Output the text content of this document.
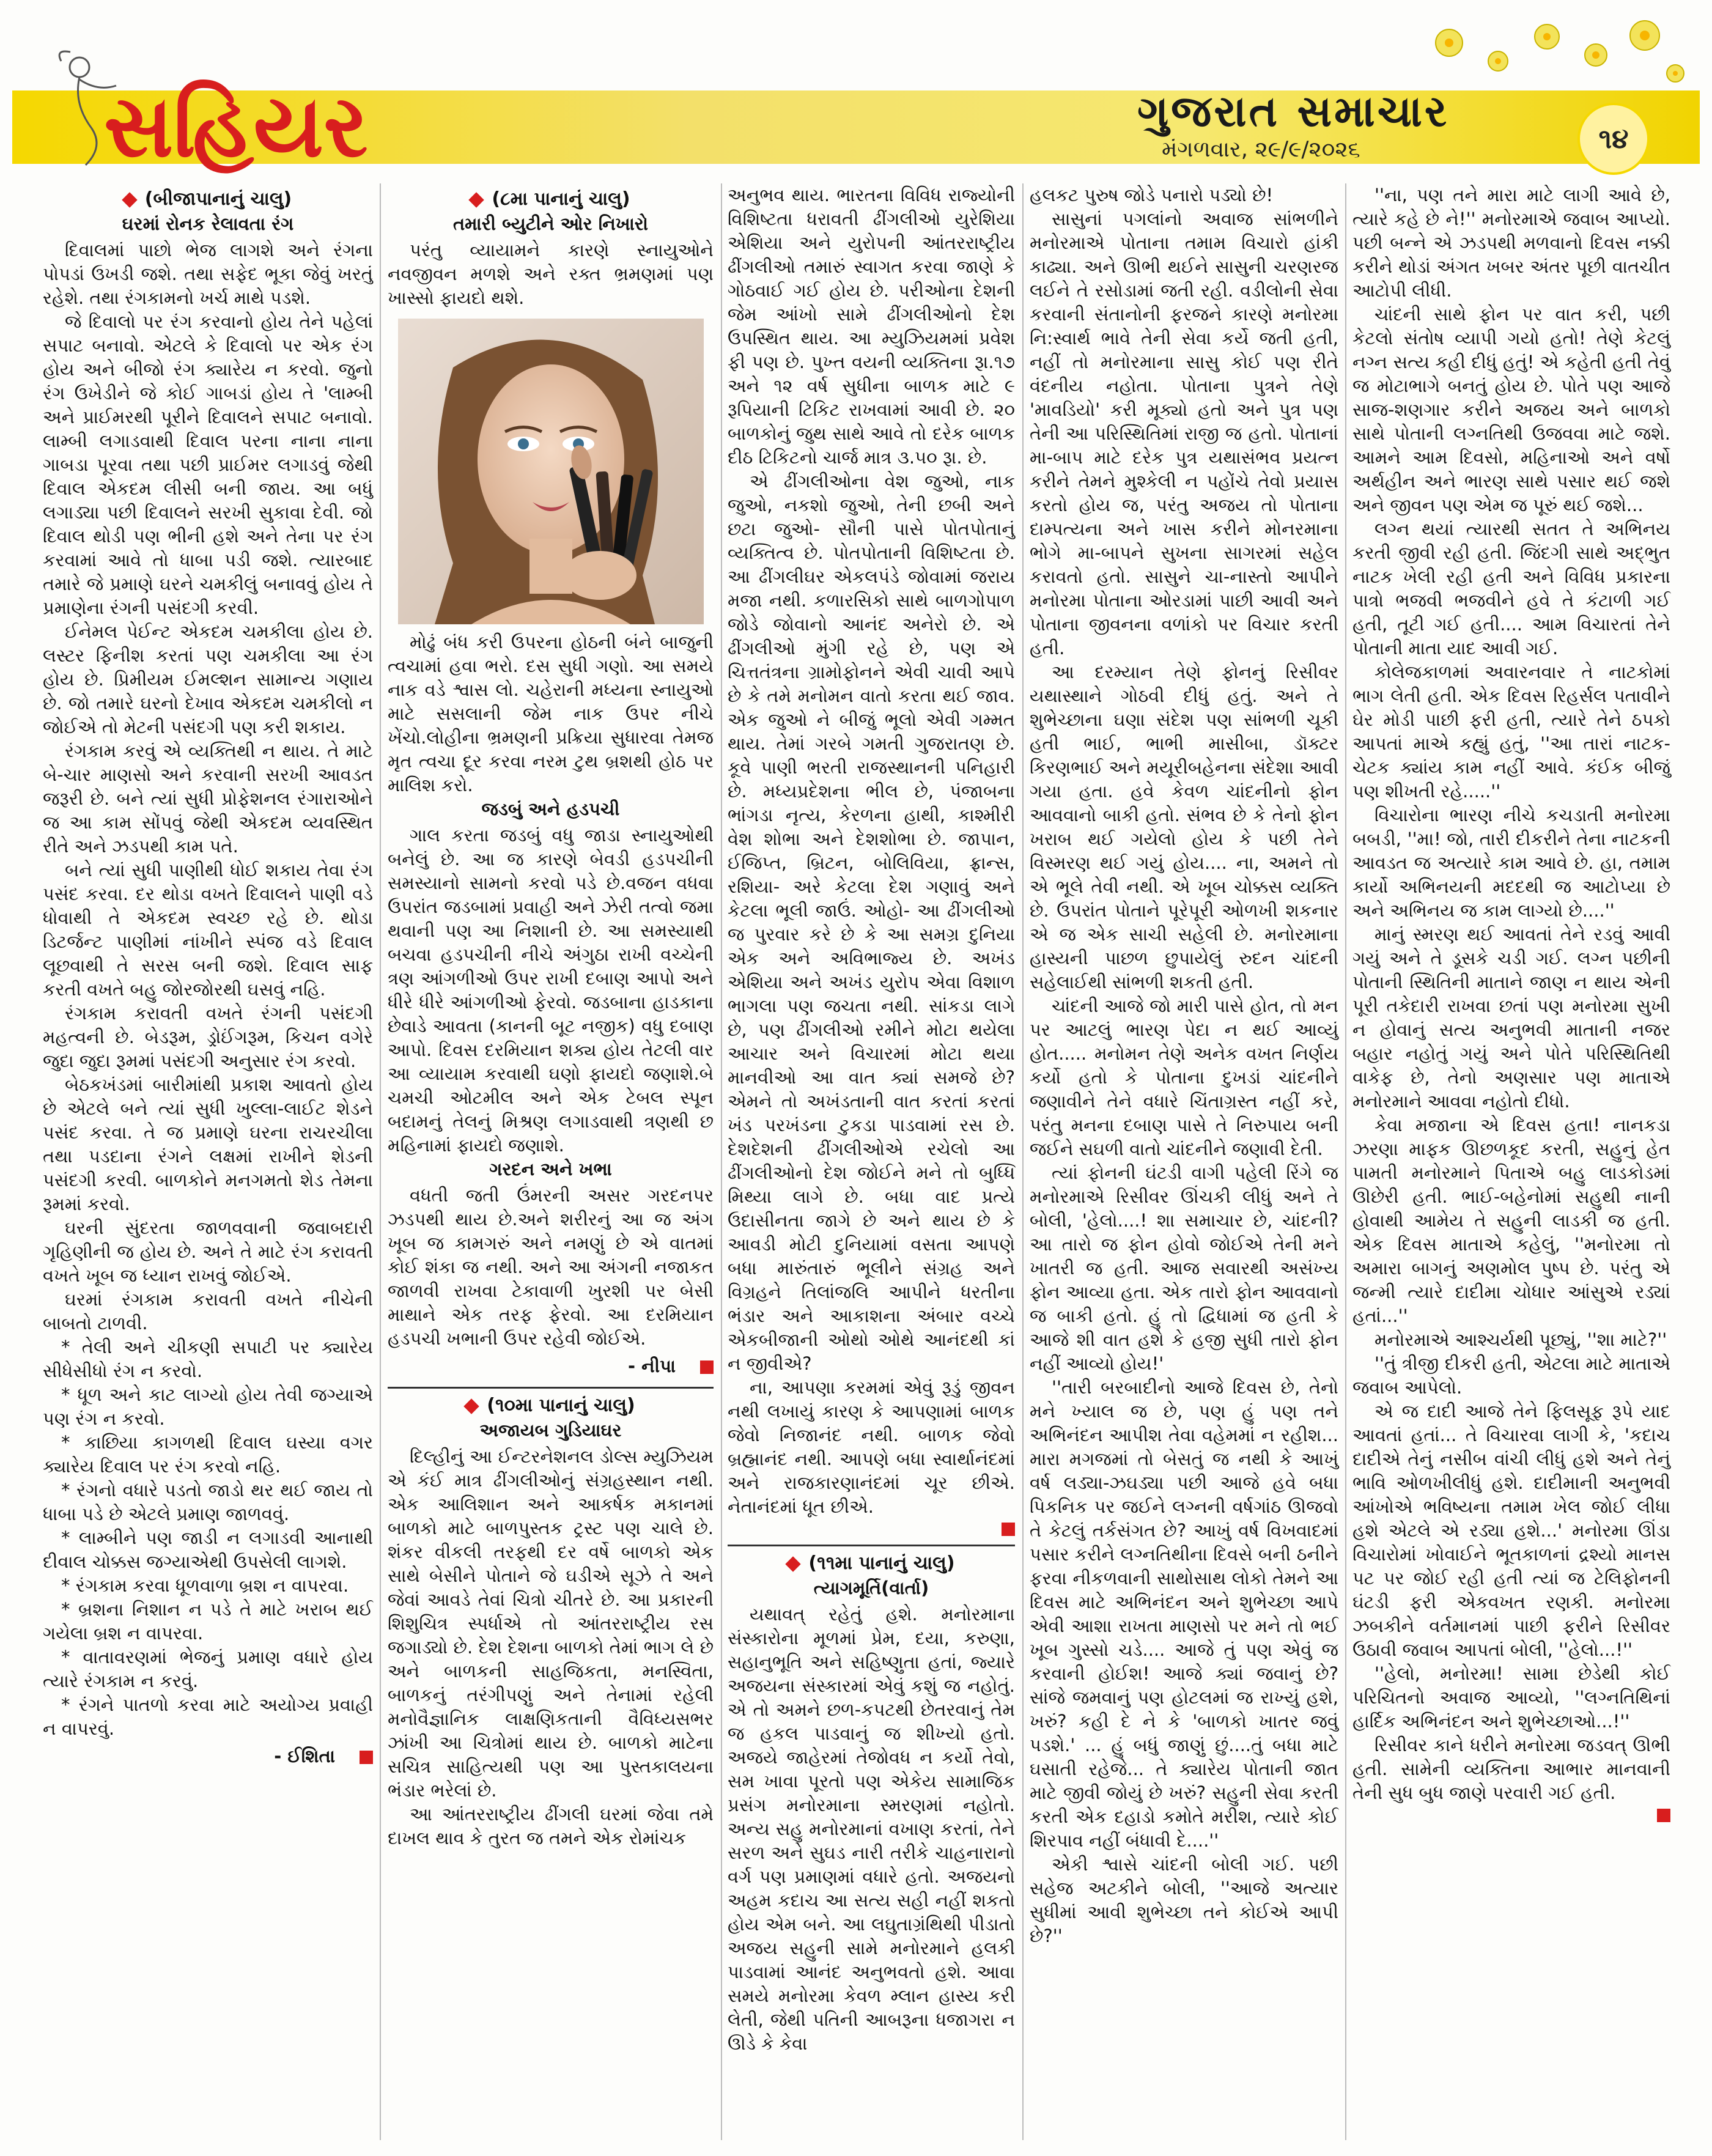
સહિયર	ગુજરાત સમાચાર
મંગળવાર, ૨૯/૯/૨૦૨૬	૧૪
(બીજાપાનાનું ચાલુ)
ઘરમાં રોનક રેલાવતા રંગ

દિવાલમાં પાછો ભેજ લાગશે અને રંગના પોપડાં ઉખડી જશે. તથા સફેદ ભૂકા જેવું ખરતું રહેશે. તથા રંગકામનો ખર્ચ માથે પડશે.

જે દિવાલો પર રંગ કરવાનો હોય તેને પહેલાં સપાટ બનાવો. એટલે કે દિવાલો પર એક રંગ હોય અને બીજો રંગ ક્યારેય ન કરવો. જુનો રંગ ઉખેડીને જે કોઈ ગાબડાં હોય તે 'લામ્બી અને પ્રાઈમરથી પૂરીને દિવાલને સપાટ બનાવો. લામ્બી લગાડવાથી દિવાલ પરના નાના નાના ગાબડા પૂરવા તથા પછી પ્રાઈમર લગાડવું જેથી દિવાલ એકદમ લીસી બની જાય. આ બધું લગાડ્યા પછી દિવાલને સરખી સુકાવા દેવી. જો દિવાલ થોડી પણ ભીની હશે અને તેના પર રંગ કરવામાં આવે તો ધાબા પડી જશે. ત્યારબાદ તમારે જે પ્રમાણે ઘરને ચમકીલું બનાવવું હોય તે પ્રમાણેના રંગની પસંદગી કરવી.

ઈનેમલ પેઈન્ટ એકદમ ચમકીલા હોય છે. લસ્ટર ફિનીશ કરતાં પણ ચમકીલા આ રંગ હોય છે. પ્રિમીયમ ઈમલ્શન સામાન્ય ગણાય છે. જો તમારે ઘરનો દેખાવ એકદમ ચમકીલો ન જોઈએ તો મેટની પસંદગી પણ કરી શકાય.

રંગકામ કરવું એ વ્યક્તિથી ન થાય. તે માટે બે-ચાર માણસો અને કરવાની સરખી આવડત જરૂરી છે. બને ત્યાં સુધી પ્રોફેશનલ રંગારાઓને જ આ કામ સોંપવું જેથી એકદમ વ્યવસ્થિત રીતે અને ઝડપથી કામ પતે.

બને ત્યાં સુધી પાણીથી ધોઈ શકાય તેવા રંગ પસંદ કરવા. દર થોડા વખતે દિવાલને પાણી વડે ધોવાથી તે એકદમ સ્વચ્છ રહે છે. થોડા ડિટર્જન્ટ પાણીમાં નાંખીને સ્પંજ વડે દિવાલ લૂછવાથી તે સરસ બની જશે. દિવાલ સાફ કરતી વખતે બહુ જોરજોરથી ઘસવું નહિ.

રંગકામ કરાવતી વખતે રંગની પસંદગી મહત્વની છે. બેડરૂમ, ડ્રોઈંગરૂમ, કિચન વગેરે જુદા જુદા રૂમમાં પસંદગી અનુસાર રંગ કરવો.

બેઠકખંડમાં બારીમાંથી પ્રકાશ આવતો હોય છે એટલે બને ત્યાં સુધી ખુલ્લા-લાઈટ શેડને પસંદ કરવા. તે જ પ્રમાણે ઘરના રાચરચીલા તથા પડદાના રંગને લક્ષમાં રાખીને શેડની પસંદગી કરવી. બાળકોને મનગમતો શેડ તેમના રૂમમાં કરવો.

ઘરની સુંદરતા જાળવવાની જવાબદારી ગૃહિણીની જ હોય છે. અને તે માટે રંગ કરાવતી વખતે ખૂબ જ ધ્યાન રાખવું જોઈએ.

ઘરમાં રંગકામ કરાવતી વખતે નીચેની બાબતો ટાળવી.

* તેલી અને ચીકણી સપાટી પર ક્યારેય સીધેસીધો રંગ ન કરવો.

* ધૂળ અને કાટ લાગ્યો હોય તેવી જગ્યાએ પણ રંગ ન કરવો.

* કાછિયા કાગળથી દિવાલ ઘસ્યા વગર ક્યારેય દિવાલ પર રંગ કરવો નહિ.

* રંગનો વધારે પડતો જાડો થર થઈ જાય તો ધાબા પડે છે એટલે પ્રમાણ જાળવવું.

* લામ્બીને પણ જાડી ન લગાડવી આનાથી દીવાલ ચોક્કસ જગ્યાએથી ઉપસેલી લાગશે.

* રંગકામ કરવા ધૂળવાળા બ્રશ ન વાપરવા.

* બ્રશના નિશાન ન પડે તે માટે ખરાબ થઈ ગયેલા બ્રશ ન વાપરવા.

* વાતાવરણમાં ભેજનું પ્રમાણ વધારે હોય ત્યારે રંગકામ ન કરવું.

* રંગને પાતળો કરવા માટે અયોગ્ય પ્રવાહી ન વાપરવું.

- ઈશિતા
(૮મા પાનાનું ચાલુ)
તમારી બ્યુટીને ઓર નિખારો

પરંતુ વ્યાયામને કારણે સ્નાયુઓને નવજીવન મળશે અને રક્ત ભ્રમણમાં પણ ખાસ્સો ફાયદો થશે.

મોઢું બંધ કરી ઉપરના હોઠની બંને બાજુની ત્વચામાં હવા ભરો. દસ સુધી ગણો. આ સમયે નાક વડે શ્વાસ લો. ચહેરાની મધ્યના સ્નાયુઓ માટે સસલાની જેમ નાક ઉપર નીચે ખેંચો.લોહીના ભ્રમણની પ્રક્રિયા સુધારવા તેમજ મૃત ત્વચા દૂર કરવા નરમ ટુથ બ્રશથી હોઠ પર માલિશ કરો.

જડબું અને હડપચી

ગાલ કરતા જડબું વધુ જાડા સ્નાયુઓથી બનેલું છે. આ જ કારણે બેવડી હડપચીની સમસ્યાનો સામનો કરવો પડે છે.વજન વધવા ઉપરાંત જડબામાં પ્રવાહી અને ઝેરી તત્વો જમા થવાની પણ આ નિશાની છે. આ સમસ્યાથી બચવા હડપચીની નીચે અંગુઠા રાખી વચ્ચેની ત્રણ આંગળીઓ ઉપર રાખી દબાણ આપો અને ધીરે ધીરે આંગળીઓ ફેરવો. જડબાના હાડકાના છેવાડે આવતા (કાનની બૂટ નજીક) વધુ દબાણ આપો. દિવસ દરમિયાન શક્ય હોય તેટલી વાર આ વ્યાયામ કરવાથી ઘણો ફાયદો જણાશે.બે ચમચી ઓટમીલ અને એક ટેબલ સ્પૂન બદામનું તેલનું મિશ્રણ લગાડવાથી ત્રણથી છ મહિનામાં ફાયદો જણાશે.

ગરદન અને ખભા

વધતી જતી ઉંમરની અસર ગરદનપર ઝડપથી થાય છે.અને શરીરનું આ જ અંગ ખૂબ જ કામગરું અને નમણું છે એ વાતમાં કોઈ શંકા જ નથી. અને આ અંગની નજાકત જાળવી રાખવા ટેકાવાળી ખુરશી પર બેસી માથાને એક તરફ ફેરવો. આ દરમિયાન હડપચી ખભાની ઉપર રહેવી જોઈએ.

- નીપા
(૧૦મા પાનાનું ચાલુ)
અજાયબ ગુડિયાઘર

દિલ્હીનું આ ઈન્ટરનેશનલ ડોલ્સ મ્યુઝિયમ એ કંઈ માત્ર ઢીંગલીઓનું સંગ્રહસ્થાન નથી. એક આલિશાન અને આકર્ષક મકાનમાં બાળકો માટે બાળપુસ્તક ટ્રસ્ટ પણ ચાલે છે. શંકર વીકલી તરફથી દર વર્ષે બાળકો એક સાથે બેસીને પોતાને જે ઘડીએ સૂઝે તે અને જેવાં આવડે તેવાં ચિત્રો ચીતરે છે. આ પ્રકારની શિશુચિત્ર સ્પર્ધાએ તો આંતરરાષ્ટ્રીય રસ જગાડ્યો છે. દેશ દેશના બાળકો તેમાં ભાગ લે છે અને બાળકની સાહજિકતા, મનસ્વિતા, બાળકનું તરંગીપણું અને તેનામાં રહેલી મનોવૈજ્ઞાનિક લાક્ષણિકતાની વૈવિધ્યસભર ઝાંખી આ ચિત્રોમાં થાય છે. બાળકો માટેના સચિત્ર સાહિત્યથી પણ આ પુસ્તકાલયના ભંડાર ભરેલાં છે.

આ આંતરરાષ્ટ્રીય ઢીંગલી ઘરમાં જેવા તમે દાખલ થાવ કે તુરત જ તમને એક રોમાંચક

અનુભવ થાય. ભારતના વિવિધ રાજ્યોની વિશિષ્ટતા ધરાવતી ઢીંગલીઓ યુરેશિયા એશિયા અને યુરોપની આંતરરાષ્ટ્રીય ઢીંગલીઓ તમારું સ્વાગત કરવા જાણે કે ગોઠવાઈ ગઈ હોય છે. પરીઓના દેશની જેમ આંખો સામે ઢીંગલીઓનો દેશ ઉપસ્થિત થાય. આ મ્યુઝિયમમાં પ્રવેશ ફી પણ છે. પુખ્ત વયની વ્યક્તિના રૂા.૧૭ અને ૧૨ વર્ષ સુધીના બાળક માટે ૯ રૂપિયાની ટિકિટ રાખવામાં આવી છે. ૨૦ બાળકોનું જુથ સાથે આવે તો દરેક બાળક દીઠ ટિકિટનો ચાર્જ માત્ર ૩.૫૦ રૂા. છે.

એ ઢીંગલીઓના વેશ જુઓ, નાક જુઓ, નકશો જુઓ, તેની છબી અને છટા જુઓ- સૌની પાસે પોતપોતાનું વ્યક્તિત્વ છે. પોતપોતાની વિશિષ્ટતા છે. આ ઢીંગલીઘર એકલપંડે જોવામાં જરાય મજા નથી. કળારસિકો સાથે બાળગોપાળ જોડે જોવાનો આનંદ અનેરો છે. એ ઢીંગલીઓ મુંગી રહે છે, પણ એ ચિત્તતંત્રના ગ્રામોફોનને એવી ચાવી આપે છે કે તમે મનોમન વાતો કરતા થઈ જાવ. એક જુઓ ને બીજું ભૂલો એવી ગમ્મત થાય. તેમાં ગરબે ગમતી ગુજરાતણ છે. કૂવે પાણી ભરતી રાજસ્થાનની પનિહારી છે. મધ્યપ્રદેશના ભીલ છે, પંજાબના ભાંગડા નૃત્ય, કેરળના હાથી, કાશ્મીરી વેશ શોભા અને દેશશોભા છે. જાપાન, ઈજિપ્ત, બ્રિટન, બોલિવિયા, ફ્રાન્સ, રશિયા- અરે કેટલા દેશ ગણાવું અને કેટલા ભૂલી જાઉં. ઓહો- આ ઢીંગલીઓ જ પુરવાર કરે છે કે આ સમગ્ર દુનિયા એક અને અવિભાજ્ય છે. અખંડ એશિયા અને અખંડ યુરોપ એવા વિશાળ ભાગલા પણ જચતા નથી. સાંકડા લાગે છે, પણ ઢીંગલીઓ રમીને મોટા થયેલા આચાર અને વિચારમાં મોટા થયા માનવીઓ આ વાત ક્યાં સમજે છે? એમને તો અખંડતાની વાત કરતાં કરતાં ખંડ પરખંડના ટુકડા પાડવામાં રસ છે. દેશદેશની ઢીંગલીઓએ રચેલો આ ઢીંગલીઓનો દેશ જોઈને મને તો બુધ્ધિ મિથ્યા લાગે છે. બધા વાદ પ્રત્યે ઉદાસીનતા જાગે છે અને થાય છે કે આવડી મોટી દુનિયામાં વસતા આપણે બધા મારુંતારું ભૂલીને સંગ્રહ અને વિગ્રહને તિલાંજલિ આપીને ધરતીના ભંડાર અને આકાશના અંબાર વચ્ચે એકબીજાની ઓથો ઓથે આનંદથી કાં ન જીવીએ?

ના, આપણા કરમમાં એવું રૂડું જીવન નથી લખાયું કારણ કે આપણામાં બાળક જેવો નિજાનંદ નથી. બાળક જેવો બ્રહ્માનંદ નથી. આપણે બધા સ્વાર્થાનંદમાં અને રાજકારણાનંદમાં ચૂર છીએ. નેતાનંદમાં ધૂત છીએ.

(૧૧મા પાનાનું ચાલુ)
ત્યાગમૂર્તિ(વાર્તા)

યથાવત્ રહેતું હશે. મનોરમાના સંસ્કારોના મૂળમાં પ્રેમ, દયા, કરુણા, સહાનુભૂતિ અને સહિષ્ણુતા હતાં, જ્યારે અજયના સંસ્કારમાં એવું કશું જ નહોતું. એ તો અમને છળ-કપટથી છેતરવાનું તેમ જ હકલ પાડવાનું જ શીખ્યો હતો. અજયે જાહેરમાં તેજોવધ ન કર્યો તેવો, સમ ખાવા પૂરતો પણ એકેય સામાજિક પ્રસંગ મનોરમાના સ્મરણમાં નહોતો. અન્ય સહુ મનોરમાનાં વખાણ કરતાં, તેને સરળ અને સુઘડ નારી તરીકે ચાહનારાનો વર્ગ પણ પ્રમાણમાં વધારે હતો. અજયનો અહમ કદાચ આ સત્ય સહી નહીં શકતો હોય એમ બને. આ લઘુતાગ્રંથિથી પીડાતો અજય સહુની સામે મનોરમાને હલકી પાડવામાં આનંદ અનુભવતો હશે. આવા સમયે મનોરમા કેવળ મ્લાન હાસ્ય કરી લેતી, જેથી પતિની આબરૂના ધજાગરા ન ઊડે કે કેવા

હલકટ પુરુષ જોડે પનારો પડ્યો છે!

સાસુનાં પગલાંનો અવાજ સાંભળીને મનોરમાએ પોતાના તમામ વિચારો હાંકી કાઢ્યા. અને ઊભી થઈને સાસુની ચરણરજ લઈને તે રસોડામાં જતી રહી. વડીલોની સેવા કરવાની સંતાનોની ફરજને કારણે મનોરમા નિ:સ્વાર્થ ભાવે તેની સેવા કર્યે જતી હતી, નહીં તો મનોરમાના સાસુ કોઈ પણ રીતે વંદનીય નહોતા. પોતાના પુત્રને તેણે 'માવડિયો' કરી મૂક્યો હતો અને પુત્ર પણ તેની આ પરિસ્થિતિમાં રાજી જ હતો. પોતાનાં મા-બાપ માટે દરેક પુત્ર યથાસંભવ પ્રયત્ન કરીને તેમને મુશ્કેલી ન પહોંચે તેવો પ્રયાસ કરતો હોય જ, પરંતુ અજય તો પોતાના દામ્પત્યના અને ખાસ કરીને મોનરમાના ભોગે મા-બાપને સુખના સાગરમાં સહેલ કરાવતો હતો. સાસુને ચા-નાસ્તો આપીને મનોરમા પોતાના ઓરડામાં પાછી આવી અને પોતાના જીવનના વળાંકો પર વિચાર કરતી હતી.

આ દરમ્યાન તેણે ફોનનું રિસીવર યથાસ્થાને ગોઠવી દીધું હતું. અને તે શુભેચ્છાના ઘણા સંદેશ પણ સાંભળી ચૂકી હતી ભાઈ, ભાભી માસીબા, ડૉક્ટર કિરણભાઈ અને મયૂરીબહેનના સંદેશા આવી ગયા હતા. હવે કેવળ ચાંદનીનો ફોન આવવાનો બાકી હતો. સંભવ છે કે તેનો ફોન ખરાબ થઈ ગયેલો હોય કે પછી તેને વિસ્મરણ થઈ ગયું હોય.... ના, અમને તો એ ભૂલે તેવી નથી. એ ખૂબ ચોક્કસ વ્યક્તિ છે. ઉપરાંત પોતાને પૂરેપૂરી ઓળખી શકનાર એ જ એક સાચી સહેલી છે. મનોરમાના હાસ્યની પાછળ છુપાયેલું રુદન ચાંદની સહેલાઈથી સાંભળી શકતી હતી.

ચાંદની આજે જો મારી પાસે હોત, તો મન પર આટલું ભારણ પેદા ન થઈ આવ્યું હોત..... મનોમન તેણે અનેક વખત નિર્ણય કર્યો હતો કે પોતાના દુખડાં ચાંદનીને જણાવીને તેને વધારે ચિંતાગ્રસ્ત નહીં કરે, પરંતુ મનના દબાણ પાસે તે નિરુપાય બની જઈને સઘળી વાતો ચાંદનીને જણાવી દેતી.

ત્યાં ફોનની ઘંટડી વાગી પહેલી રિંગે જ મનોરમાએ રિસીવર ઊંચકી લીધું અને તે બોલી, 'હેલો....! શા સમાચાર છે, ચાંદની? આ તારો જ ફોન હોવો જોઈએ તેની મને ખાતરી જ હતી. આજ સવારથી અસંખ્ય ફોન આવ્યા હતા. એક તારો ફોન આવવાનો જ બાકી હતો. હું તો દ્વિધામાં જ હતી કે આજે શી વાત હશે કે હજી સુધી તારો ફોન નહીં આવ્યો હોય!'

''તારી બરબાદીનો આજે દિવસ છે, તેનો મને ખ્યાલ જ છે, પણ હું પણ તને અભિનંદન આપીશ તેવા વહેમમાં ન રહીશ... મારા મગજમાં તો બેસતું જ નથી કે આખું વર્ષ લડ્યા-ઝઘડ્યા પછી આજે હવે બધા પિકનિક પર જઈને લગ્નની વર્ષગાંઠ ઊજવો તે કેટલું તર્કસંગત છે? આખું વર્ષ વિખવાદમાં પસાર કરીને લગ્નતિથીના દિવસે બની ઠનીને ફરવા નીકળવાની સાથોસાથ લોકો તેમને આ દિવસ માટે અભિનંદન અને શુભેચ્છા આપે એવી આશા રાખતા માણસો પર મને તો ભઈ ખૂબ ગુસ્સો ચડે.... આજે તું પણ એવું જ કરવાની હોઈશ! આજે ક્યાં જવાનું છે? સાંજે જમવાનું પણ હોટલમાં જ રાખ્યું હશે, ખરું? કહી દે ને કે 'બાળકો ખાતર જવું પડશે.' ... હું બધું જાણું છું....તું બધા માટે ઘસાતી રહેજે... તે ક્યારેય પોતાની જાત માટે જીવી જોયું છે ખરું? સહુની સેવા કરતી કરતી એક દહાડો કમોતે મરીશ, ત્યારે કોઈ શિરપાવ નહીં બંધાવી દે....''

એકી શ્વાસે ચાંદની બોલી ગઈ. પછી સહેજ અટકીને બોલી, ''આજે અત્યાર સુધીમાં આવી શુભેચ્છા તને કોઈએ આપી છે?''

''ના, પણ તને મારા માટે લાગી આવે છે, ત્યારે કહે છે ને!'' મનોરમાએ જવાબ આપ્યો. પછી બન્ને એ ઝડપથી મળવાનો દિવસ નક્કી કરીને થોડાં અંગત ખબર અંતર પૂછી વાતચીત આટોપી લીધી.

ચાંદની સાથે ફોન પર વાત કરી, પછી કેટલો સંતોષ વ્યાપી ગયો હતો! તેણે કેટલું નગ્ન સત્ય કહી દીધું હતું! એ કહેતી હતી તેવું જ મોટાભાગે બનતું હોય છે. પોતે પણ આજે સાજ-શણગાર કરીને અજય અને બાળકો સાથે પોતાની લગ્નતિથી ઉજવવા માટે જશે. આમને આમ દિવસો, મહિનાઓ અને વર્ષો અર્થહીન અને ભારણ સાથે પસાર થઈ જશે અને જીવન પણ એમ જ પૂરું થઈ જશે...

લગ્ન થયાં ત્યારથી સતત તે અભિનય કરતી જીવી રહી હતી. જિંદગી સાથે અદ્ભુત નાટક ખેલી રહી હતી અને વિવિધ પ્રકારના પાત્રો ભજવી ભજવીને હવે તે કંટાળી ગઈ હતી, તૂટી ગઈ હતી.... આમ વિચારતાં તેને પોતાની માતા યાદ આવી ગઈ.

કોલેજકાળમાં અવારનવાર તે નાટકોમાં ભાગ લેતી હતી. એક દિવસ રિહર્સલ પતાવીને ઘેર મોડી પાછી ફરી હતી, ત્યારે તેને ઠપકો આપતાં માએ કહ્યું હતું, ''આ તારાં નાટક-ચેટક ક્યાંય કામ નહીં આવે. કંઈક બીજું પણ શીખતી રહે.....''

વિચારોના ભારણ નીચે કચડાતી મનોરમા બબડી, ''મા! જો, તારી દીકરીને તેના નાટકની આવડત જ અત્યારે કામ આવે છે. હા, તમામ કાર્યો અભિનયની મદદથી જ આટોપ્યા છે અને અભિનય જ કામ લાગ્યો છે....''

માનું સ્મરણ થઈ આવતાં તેને રડવું આવી ગયું અને તે ડૂસકે ચડી ગઈ. લગ્ન પછીની પોતાની સ્થિતિની માતાને જાણ ન થાય એની પૂરી તકેદારી રાખવા છતાં પણ મનોરમા સુખી ન હોવાનું સત્ય અનુભવી માતાની નજર બહાર નહોતું ગયું અને પોતે પરિસ્થિતિથી વાકેફ છે, તેનો અણસાર પણ માતાએ મનોરમાને આવવા નહોતો દીધો.

કેવા મજાના એ દિવસ હતા! નાનકડા ઝરણા માફક ઊછળકૂદ કરતી, સહુનું હેત પામતી મનોરમાને પિતાએ બહુ લાડકોડમાં ઊછેરી હતી. ભાઈ-બહેનોમાં સહુથી નાની હોવાથી આમેય તે સહુની લાડકી જ હતી. એક દિવસ માતાએ કહેલું, ''મનોરમા તો અમારા બાગનું અણમોલ પુષ્પ છે. પરંતુ એ જન્મી ત્યારે દાદીમા ચોધાર આંસુએ રડ્યાં હતાં...''

મનોરમાએ આશ્ચર્યથી પૂછ્યું, ''શા માટે?''

''તું ત્રીજી દીકરી હતી, એટલા માટે માતાએ જવાબ આપેલો.

એ જ દાદી આજે તેને ફિલસૂફ રૂપે યાદ આવતાં હતાં... તે વિચારવા લાગી કે, 'કદાચ દાદીએ તેનું નસીબ વાંચી લીધું હશે અને તેનું ભાવિ ઓળખીલીધું હશે. દાદીમાની અનુભવી આંખોએ ભવિષ્યના તમામ ખેલ જોઈ લીધા હશે એટલે એ રડ્યા હશે...' મનોરમા ઊંડા વિચારોમાં ખોવાઈને ભૂતકાળનાં દ્રશ્યો માનસ પટ પર જોઈ રહી હતી ત્યાં જ ટેલિફોનની ઘંટડી ફરી એકવખત રણકી. મનોરમા ઝબકીને વર્તમાનમાં પાછી ફરીને રિસીવર ઉઠાવી જવાબ આપતાં બોલી, ''હેલો...!''

''હેલો, મનોરમા! સામા છેડેથી કોઈ પરિચિતનો અવાજ આવ્યો, ''લગ્નતિથિનાં હાર્દિક અભિનંદન અને શુભેચ્છાઓ...!''

રિસીવર કાને ધરીને મનોરમા જડવત્ ઊભી હતી. સામેની વ્યક્તિના આભાર માનવાની તેની સુધ બુધ જાણે પરવારી ગઈ હતી.
